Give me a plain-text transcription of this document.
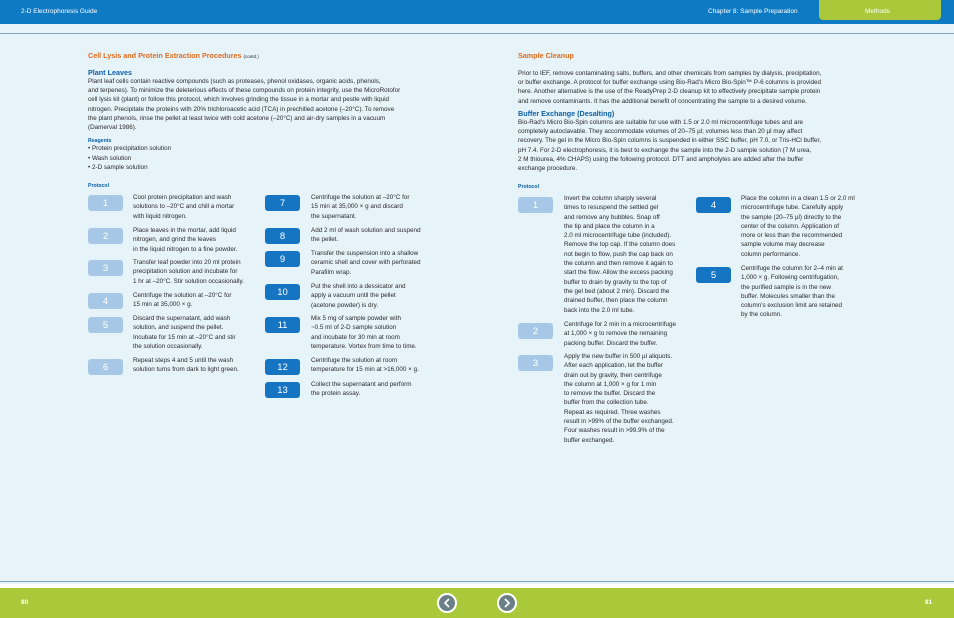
2-D Electrophoresis Guide	Chapter 8: Sample Preparation	Methods
Cell Lysis and Protein Extraction Procedures (contd.)
Plant Leaves
Plant leaf cells contain reactive compounds (such as proteases, phenol oxidases, organic acids, phenols,
and terpenes). To minimize the deleterious effects of these compounds on protein integrity, use the MicroRotofor
cell lysis kit (plant) or follow this protocol, which involves grinding the tissue in a mortar and pestle with liquid
nitrogen. Precipitate the proteins with 20% trichloroacetic acid (TCA) in prechilled acetone (–20°C). To remove
the plant phenols, rinse the pellet at least twice with cold acetone (–20°C) and air-dry samples in a vacuum
(Damerval 1986).
Reagents
• Protein precipitation solution
• Wash solution
• 2-D sample solution
Protocol
1	Cool protein precipitation and wash
solutions to –20°C and chill a mortar
with liquid nitrogen.
2	Place leaves in the mortar, add liquid
nitrogen, and grind the leaves
in the liquid nitrogen to a fine powder.
3	Transfer leaf powder into 20 ml protein
precipitation solution and incubate for
1 hr at –20°C. Stir solution occasionally.
4	Centrifuge the solution at –20°C for
15 min at 35,000 × g.
5
Discard the supernatant, add wash
solution, and suspend the pellet.
Incubate for 15 min at –20°C and stir
the solution occasionally.
6
Repeat steps 4 and 5 until the wash
solution turns from dark to light green.
7	Centrifuge the solution at –20°C for
15 min at 35,000 × g and discard
the supernatant.
8	Add 2 ml of wash solution and suspend
the pellet.
9	Transfer the suspension into a shallow
ceramic shell and cover with perforated
Parafilm wrap.
10	Put the shell into a dessicator and
apply a vacuum until the pellet
(acetone powder) is dry.
11
Mix 5 mg of sample powder with
~0.5 ml of 2-D sample solution
and incubate for 30 min at room
temperature. Vortex from time to time.
12
Centrifuge the solution at room
temperature for 15 min at >16,000 × g.
13	Collect the supernatant and perform
the protein assay.
Sample Cleanup
Prior to IEF, remove contaminating salts, buffers, and other chemicals from samples by dialysis, precipitation,
or buffer exchange. A protocol for buffer exchange using Bio-Rad's Micro Bio-Spin™ P-6 columns is provided
here. Another alternative is the use of the ReadyPrep 2-D cleanup kit to effectively precipitate sample protein
and remove contaminants. It has the additional benefit of concentrating the sample to a desired volume.
Buffer Exchange (Desalting)
Bio-Rad's Micro Bio-Spin columns are suitable for use with 1.5 or 2.0 ml microcentrifuge tubes and are
completely autoclavable. They accommodate volumes of 20–75 µl; volumes less than 20 µl may affect
recovery. The gel in the Micro Bio-Spin columns is suspended in either SSC buffer, pH 7.0, or Tris-HCl buffer,
pH 7.4. For 2-D electrophoresis, it is best to exchange the sample into the 2-D sample solution (7 M urea,
2 M thiourea, 4% CHAPS) using the following protocol. DTT and ampholytes are added after the buffer
exchange procedure.
Protocol
1
Invert the column sharply several
times to resuspend the settled gel
and remove any bubbles. Snap off
the tip and place the column in a
2.0 ml microcentrifuge tube (included).
Remove the top cap. If the column does
not begin to flow, push the cap back on
the column and then remove it again to
start the flow. Allow the excess packing
buffer to drain by gravity to the top of
the gel bed (about 2 min). Discard the
drained buffer, then place the column
back into the 2.0 ml tube.
2
Centrifuge for 2 min in a microcentrifuge
at 1,000 × g to remove the remaining
packing buffer. Discard the buffer.
3
Apply the new buffer in 500 µl aliquots.
After each application, let the buffer
drain out by gravity, then centrifuge
the column at 1,000 × g for 1 min
to remove the buffer. Discard the
buffer from the collection tube.
Repeat as required. Three washes
result in >99% of the buffer exchanged.
Four washes result in >99.9% of the
buffer exchanged.
4
Place the column in a clean 1.5 or 2.0 ml
microcentrifuge tube. Carefully apply
the sample (20–75 µl) directly to the
center of the column. Application of
more or less than the recommended
sample volume may decrease
column performance.
5
Centrifuge the column for 2–4 min at
1,000 × g. Following centrifugation,
the purified sample is in the new
buffer. Molecules smaller than the
column's exclusion limit are retained
by the column.
80	81
